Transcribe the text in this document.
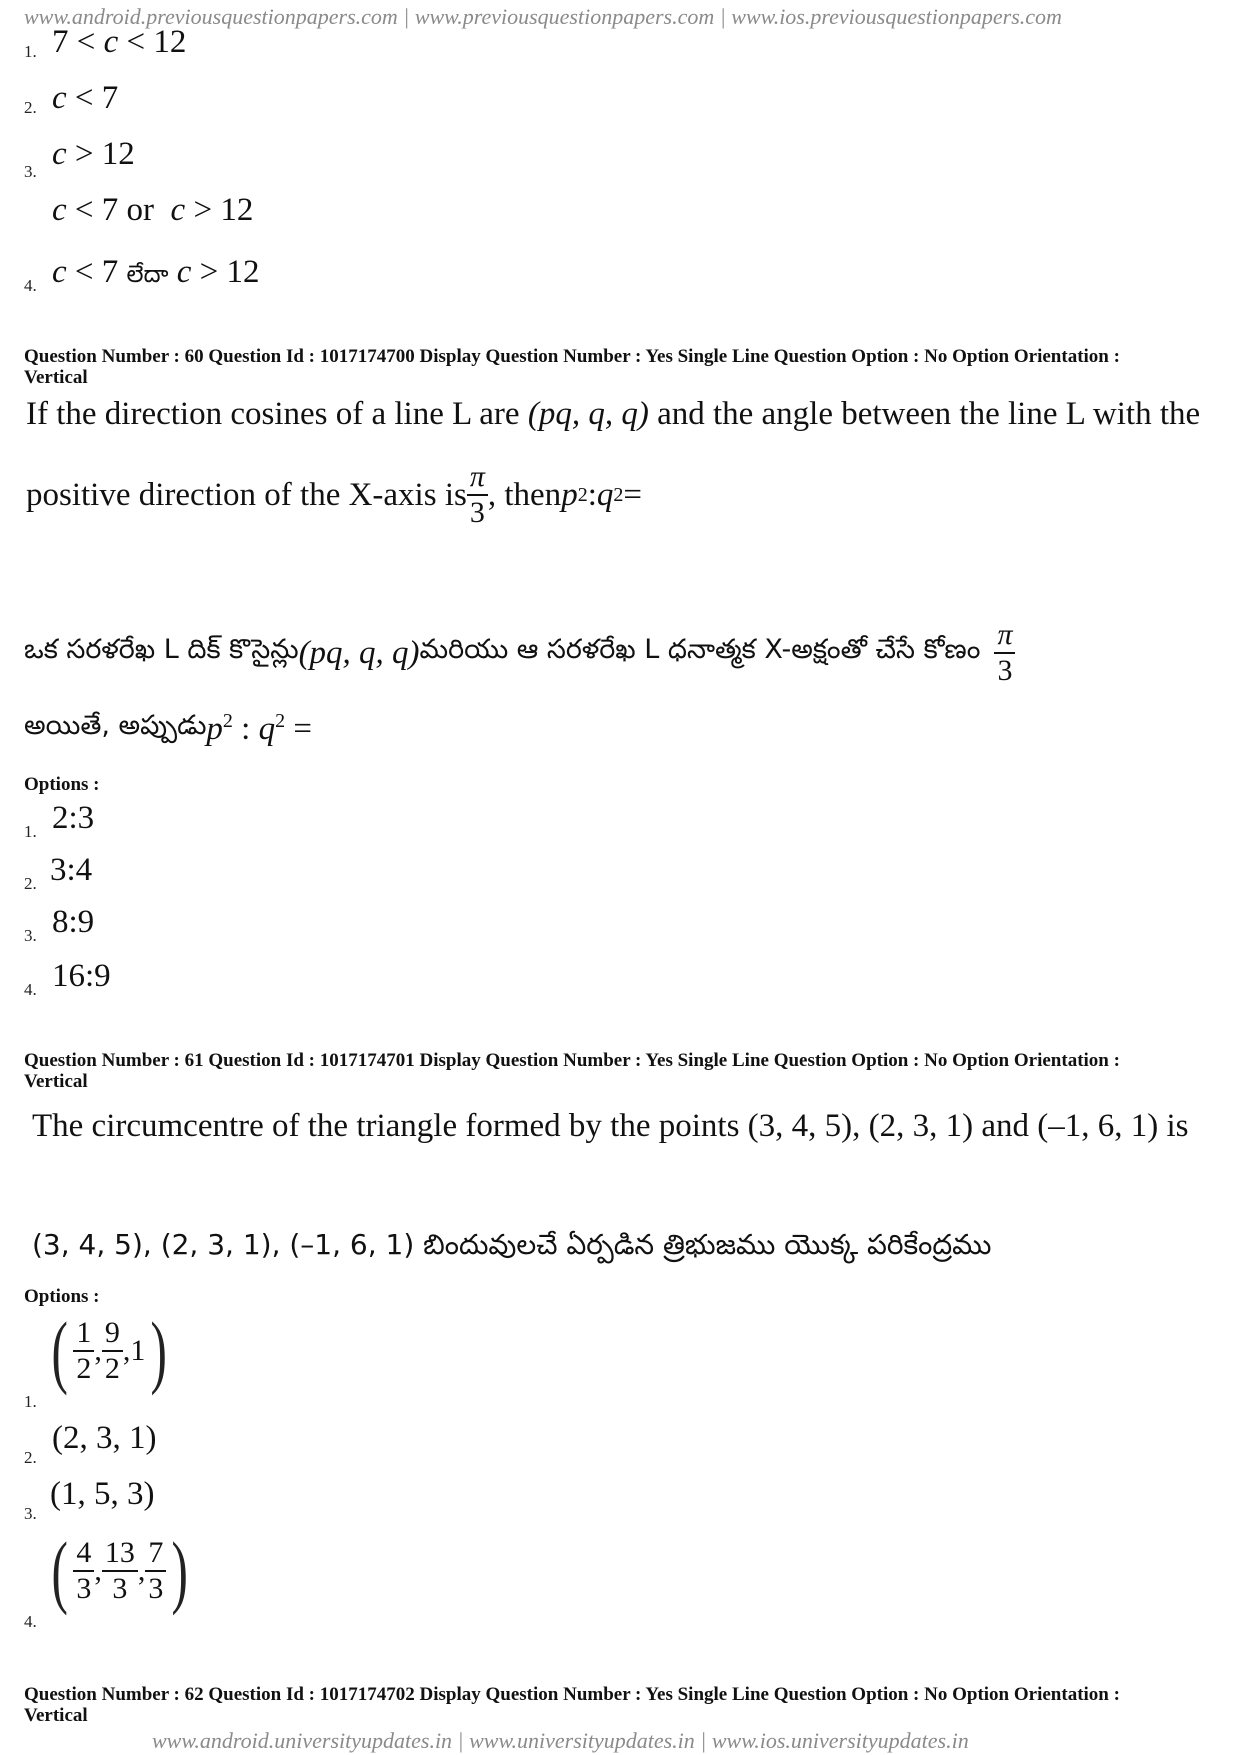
www.android.previousquestionpapers.com | www.previousquestionpapers.com | www.ios.previousquestionpapers.com
1. 7 < c < 12
2. c < 7
3. c > 12
c < 7 or c > 12
4. c < 7 లేదా c > 12
Question Number : 60 Question Id : 1017174700 Display Question Number : Yes Single Line Question Option : No Option Orientation : Vertical
If the direction cosines of a line L are (pq, q, q) and the angle between the line L with the
positive direction of the X-axis is $\frac{\pi}{3}$ , then p 2 : q 2 =
ఒక సరళరేఖ L దిక్ కొసైన్లు (pq, q, q) మరియు ఆ సరళరేఖ L ధనాత్మక X-అక్షంతో చేసే కోణం $\frac{\pi}{3}$
అయితే, అప్పుడు $p^2$ : $q^2$ =
Options :
1. 2:3
2. 3:4
3. 8:9
4. 16:9
Question Number : 61 Question Id : 1017174701 Display Question Number : Yes Single Line Question Option : No Option Orientation : Vertical
The circumcentre of the triangle formed by the points (3, 4, 5), (2, 3, 1) and (–1, 6, 1) is
(3, 4, 5), (2, 3, 1), (–1, 6, 1) బిందువులచే ఏర్పడిన త్రిభుజము యొక్క పరికేంద్రము
Options :
1.
( $\frac{1}{2}$ , $\frac{9}{2}$ , 1 )
2.
(2, 3, 1)
3.
(1, 5, 3)
4.
( $\frac{4}{3}$ , $\frac{13}{3}$ , $\frac{7}{3}$ )
Question Number : 62 Question Id : 1017174702 Display Question Number : Yes Single Line Question Option : No Option Orientation : Vertical
www.android.universityupdates.in | www.universityupdates.in | www.ios.universityupdates.in
